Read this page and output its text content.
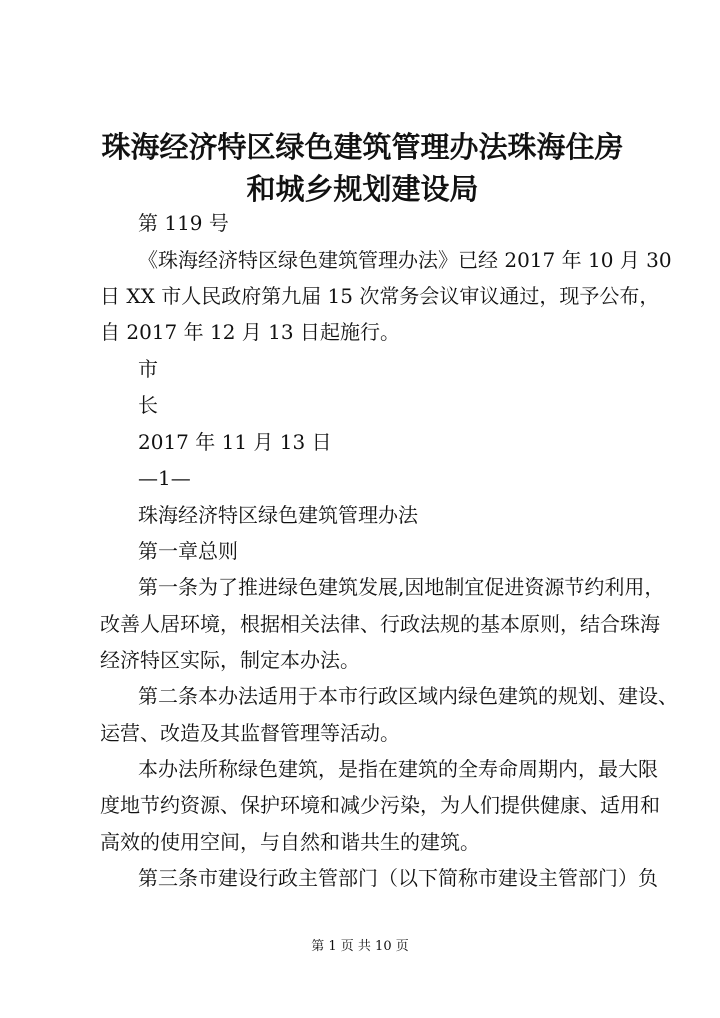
珠海经济特区绿色建筑管理办法珠海住房和城乡规划建设局
第 119 号
《珠海经济特区绿色建筑管理办法》已经 2017 年 10 月 30
日 XX 市人民政府第九届 15 次常务会议审议通过，现予公布，
自 2017 年 12 月 13 日起施行。
市
长
2017 年 11 月 13 日
—1—
珠海经济特区绿色建筑管理办法
第一章总则
第一条为了推进绿色建筑发展,因地制宜促进资源节约利用，
改善人居环境，根据相关法律、行政法规的基本原则，结合珠海
经济特区实际，制定本办法。
第二条本办法适用于本市行政区域内绿色建筑的规划、建设、
运营、改造及其监督管理等活动。
本办法所称绿色建筑，是指在建筑的全寿命周期内，最大限
度地节约资源、保护环境和减少污染，为人们提供健康、适用和
高效的使用空间，与自然和谐共生的建筑。
第三条市建设行政主管部门（以下简称市建设主管部门）负
第 1 页 共 10 页
